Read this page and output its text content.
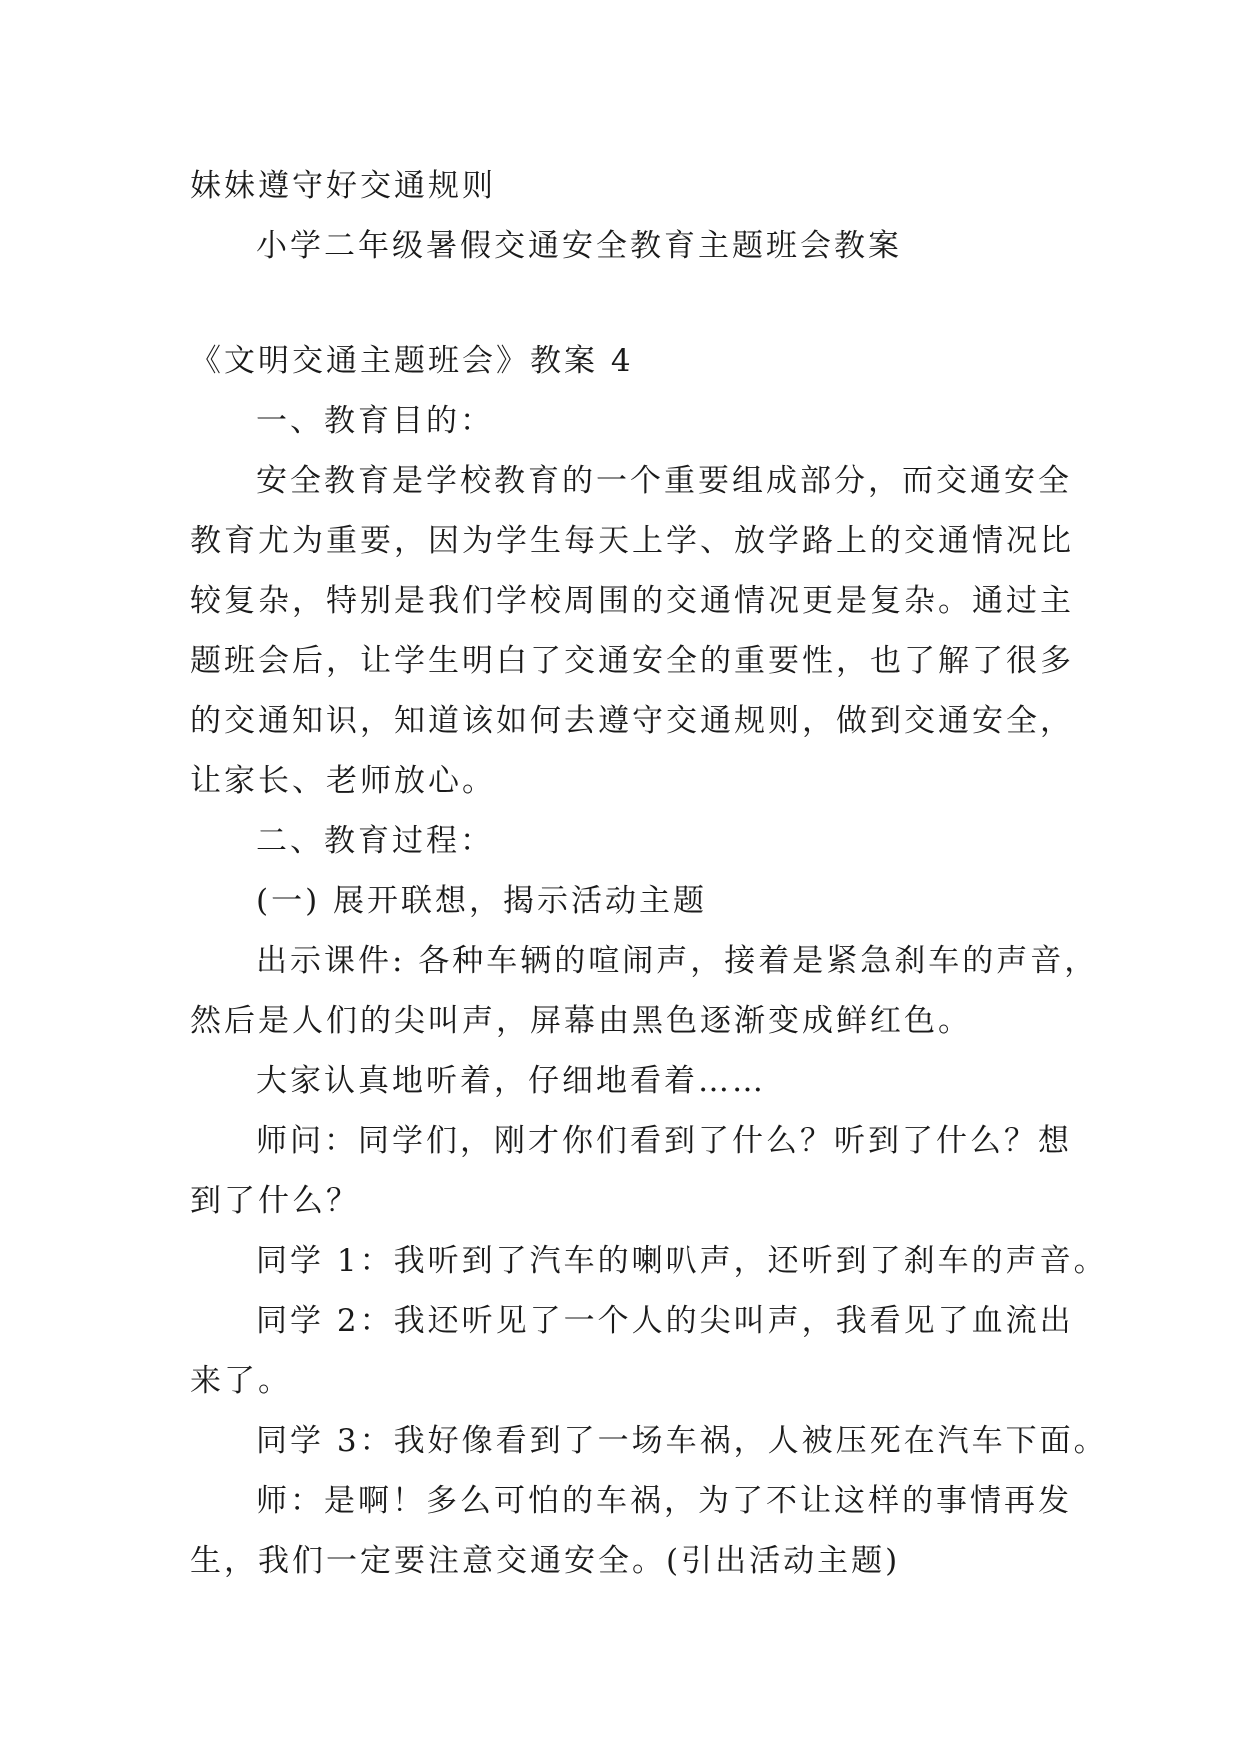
妹妹遵守好交通规则
小学二年级暑假交通安全教育主题班会教案
《文明交通主题班会》教案 4
一、教育目的：
安全教育是学校教育的一个重要组成部分，而交通安全
教育尤为重要，因为学生每天上学、放学路上的交通情况比
较复杂，特别是我们学校周围的交通情况更是复杂。通过主
题班会后，让学生明白了交通安全的重要性，也了解了很多
的交通知识，知道该如何去遵守交通规则，做到交通安全，
让家长、老师放心。
二、教育过程：
(一) 展开联想，揭示活动主题
出示课件: 各种车辆的喧闹声，接着是紧急刹车的声音，
然后是人们的尖叫声，屏幕由黑色逐渐变成鲜红色。
大家认真地听着，仔细地看着……
师问：同学们，刚才你们看到了什么？听到了什么？想
到了什么？
同学 1：我听到了汽车的喇叭声，还听到了刹车的声音。
同学 2：我还听见了一个人的尖叫声，我看见了血流出
来了。
同学 3：我好像看到了一场车祸，人被压死在汽车下面。
师：是啊！多么可怕的车祸，为了不让这样的事情再发
生，我们一定要注意交通安全。(引出活动主题)
